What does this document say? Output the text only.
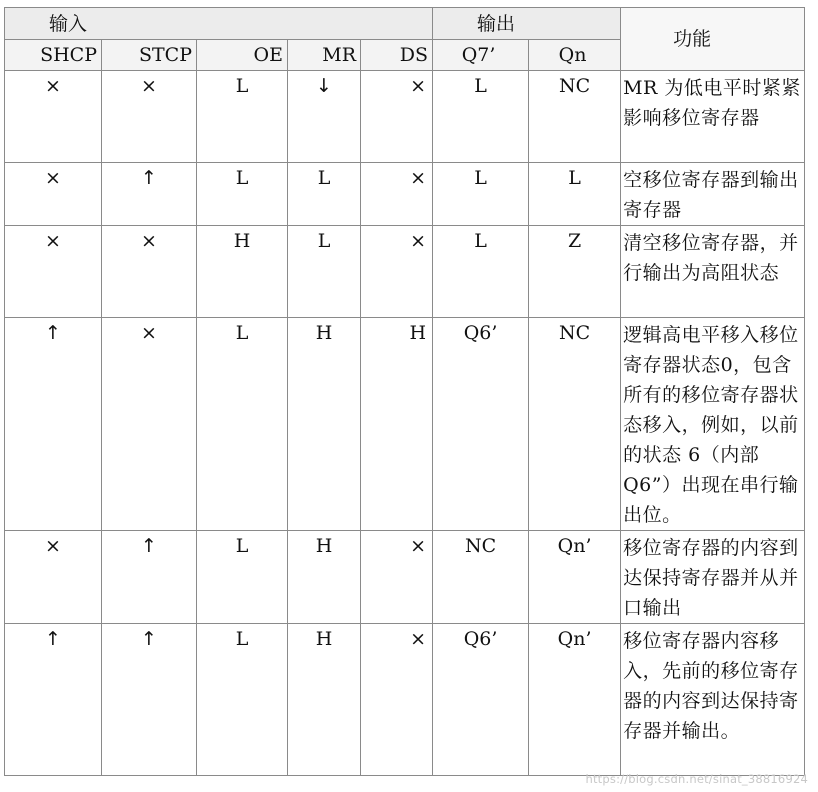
输入					输出		功能
SHCP	STCP	OE	MR	DS	Q7’	Qn	
×	×	L	↓	×	L	NC	MR 为低电平时紧紧影响移位寄存器
×	↑	L	L	×	L	L	空移位寄存器到输出寄存器
×	×	H	L	×	L	Z	清空移位寄存器，并行输出为高阻状态
↑	×	L	H	H	Q6’	NC	逻辑高电平移入移位寄存器状态0，包含所有的移位寄存器状态移入，例如，以前的状态 6（内部 Q6”）出现在串行输出位。
×	↑	L	H	×	NC	Qn’	移位寄存器的内容到达保持寄存器并从并口输出
↑	↑	L	H	×	Q6’	Qn’	移位寄存器内容移入，先前的移位寄存器的内容到达保持寄存器并输出。
https://blog.csdn.net/sinat_38816924
